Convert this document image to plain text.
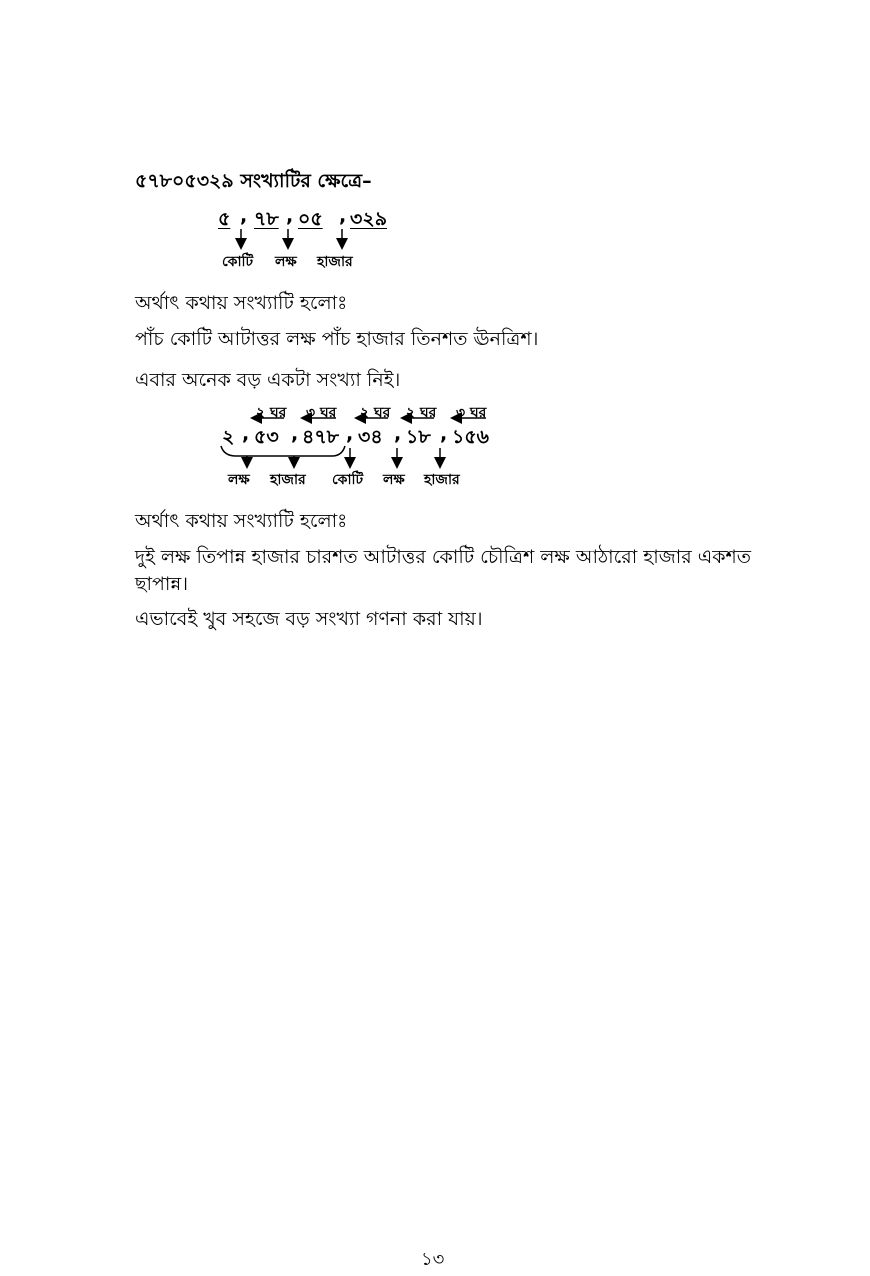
৫৭৮০৫৩২৯ সংখ্যাটির ক্ষেত্রে–
৫ , ৭৮ , ০৫ , ৩২৯
কোটি লক্ষ হাজার
অর্থাৎ কথায় সংখ্যাটি হলোঃ
পাঁচ কোটি আটাত্তর লক্ষ পাঁচ হাজার তিনশত ঊনত্রিশ।
এবার অনেক বড় একটা সংখ্যা নিই।
২ ঘর ৩ ঘর ২ ঘর ২ ঘর ৩ ঘর
২ , ৫৩ , ৪৭৮ , ৩৪ , ১৮ , ১৫৬
লক্ষ হাজার কোটি লক্ষ হাজার
অর্থাৎ কথায় সংখ্যাটি হলোঃ
দুই লক্ষ তিপান্ন হাজার চারশত আটাত্তর কোটি চৌত্রিশ লক্ষ আঠারো হাজার একশত
ছাপান্ন।
এভাবেই খুব সহজে বড় সংখ্যা গণনা করা যায়।
১৩
